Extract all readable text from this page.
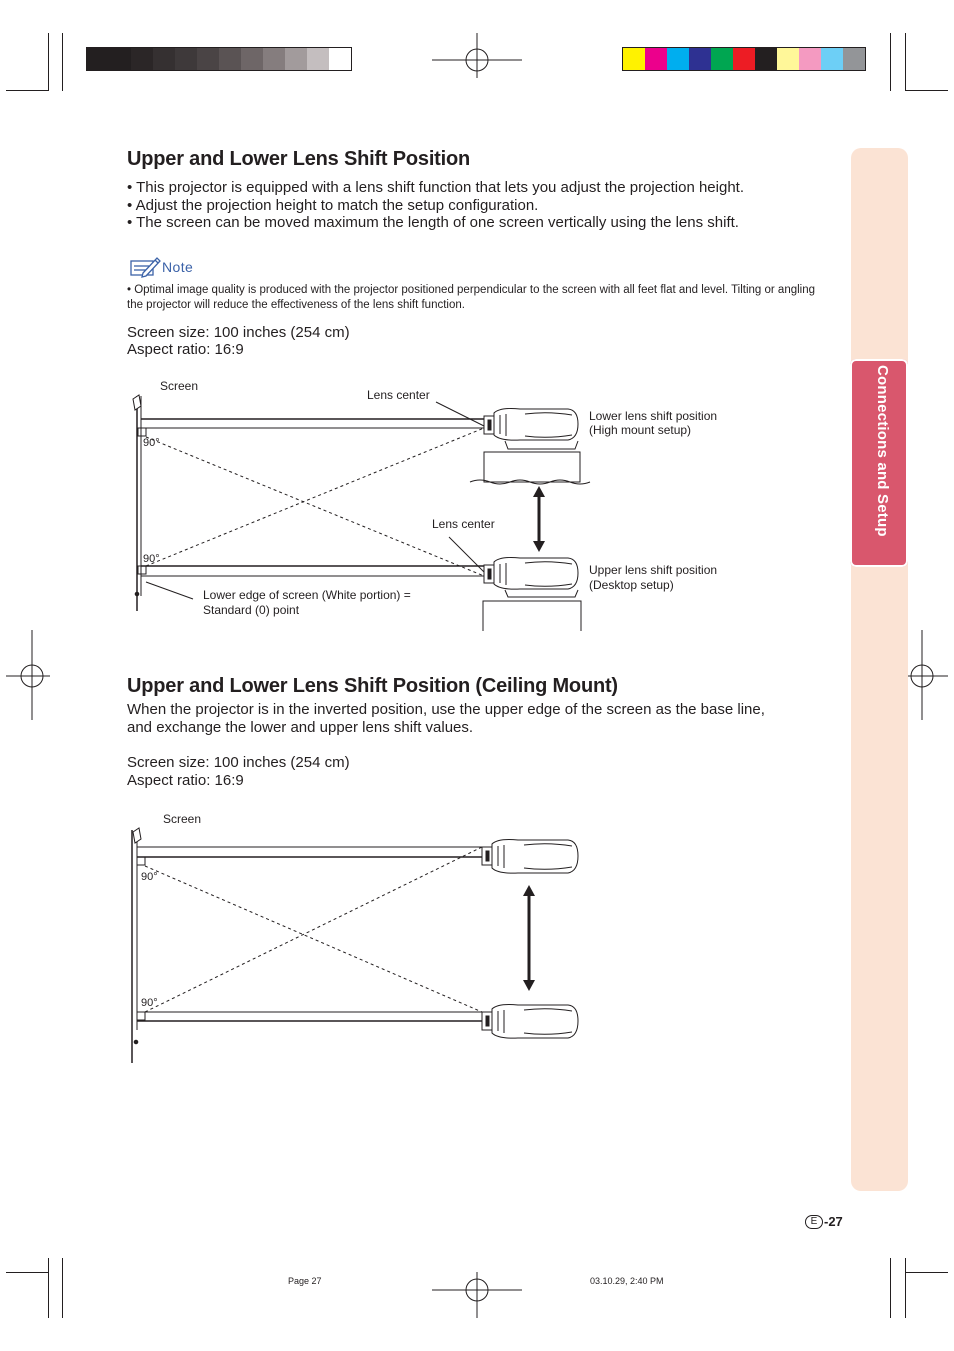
Connections and Setup
Upper and Lower Lens Shift Position
• This projector is equipped with a lens shift function that lets you adjust the projection height.
• Adjust the projection height to match the setup configuration.
• The screen can be moved maximum the length of one screen vertically using the lens shift.
Note
• Optimal image quality is produced with the projector positioned perpendicular to the screen with all feet flat and level. Tilting or angling the projector will reduce the effectiveness of the lens shift function.
Screen size: 100 inches (254 cm)
Aspect ratio: 16:9
Screen
Lens center
90°
Lower lens shift position
(High mount setup)
Lens center
90°
Upper lens shift position
(Desktop setup)
Lower edge of screen (White portion) =
Standard (0) point
Upper and Lower Lens Shift Position (Ceiling Mount)
When the projector is in the inverted position, use the upper edge of the screen as the base line,
and exchange the lower and upper lens shift values.
Screen size: 100 inches (254 cm)
Aspect ratio: 16:9
Screen
90°
90°
E -27
Page 27	03.10.29, 2:40 PM
